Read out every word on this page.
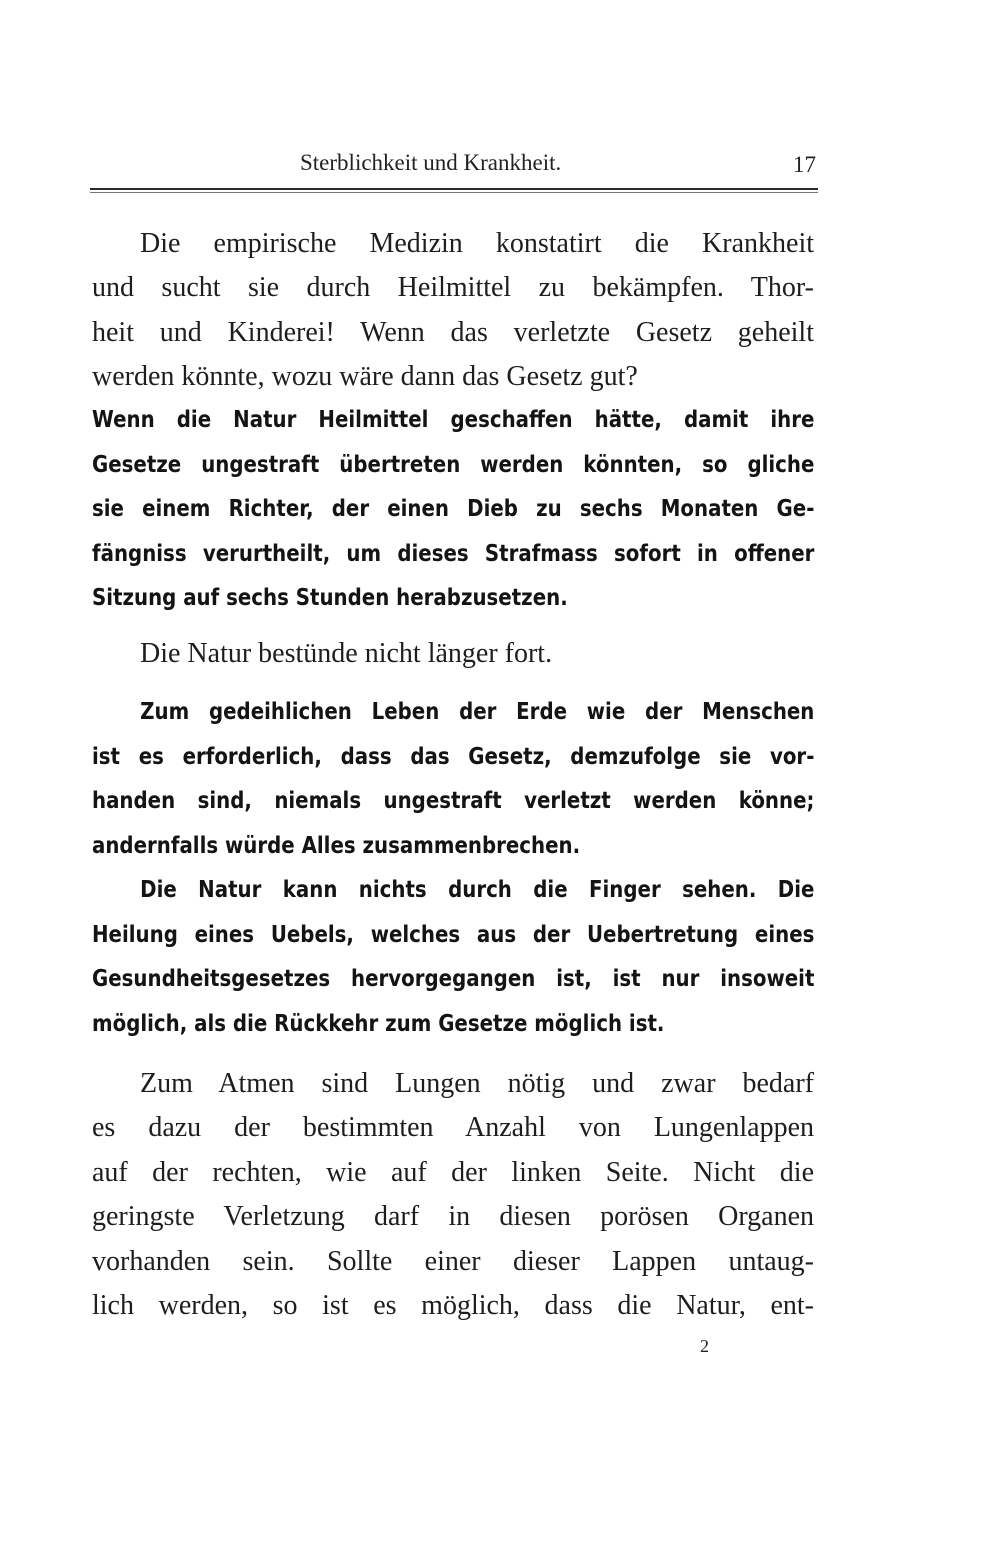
Sterblichkeit und Krankheit.	17

Die empirische Medizin konstatirt die Krankheit
und sucht sie durch Heilmittel zu bekämpfen. Thor-
heit und Kinderei! Wenn das verletzte Gesetz geheilt
werden könnte, wozu wäre dann das Gesetz gut?

Wenn die Natur Heilmittel geschaffen hätte, damit ihre
Gesetze ungestraft übertreten werden könnten, so gliche
sie einem Richter, der einen Dieb zu sechs Monaten Ge-
fängniss verurtheilt, um dieses Strafmass sofort in offener
Sitzung auf sechs Stunden herabzusetzen.

Die Natur bestünde nicht länger fort.

Zum gedeihlichen Leben der Erde wie der Menschen
ist es erforderlich, dass das Gesetz, demzufolge sie vor-
handen sind, niemals ungestraft verletzt werden könne;
andernfalls würde Alles zusammenbrechen.

Die Natur kann nichts durch die Finger sehen. Die
Heilung eines Uebels, welches aus der Uebertretung eines
Gesundheitsgesetzes hervorgegangen ist, ist nur insoweit
möglich, als die Rückkehr zum Gesetze möglich ist.

Zum Atmen sind Lungen nötig und zwar bedarf
es dazu der bestimmten Anzahl von Lungenlappen
auf der rechten, wie auf der linken Seite. Nicht die
geringste Verletzung darf in diesen porösen Organen
vorhanden sein. Sollte einer dieser Lappen untaug-
lich werden, so ist es möglich, dass die Natur, ent-

2
